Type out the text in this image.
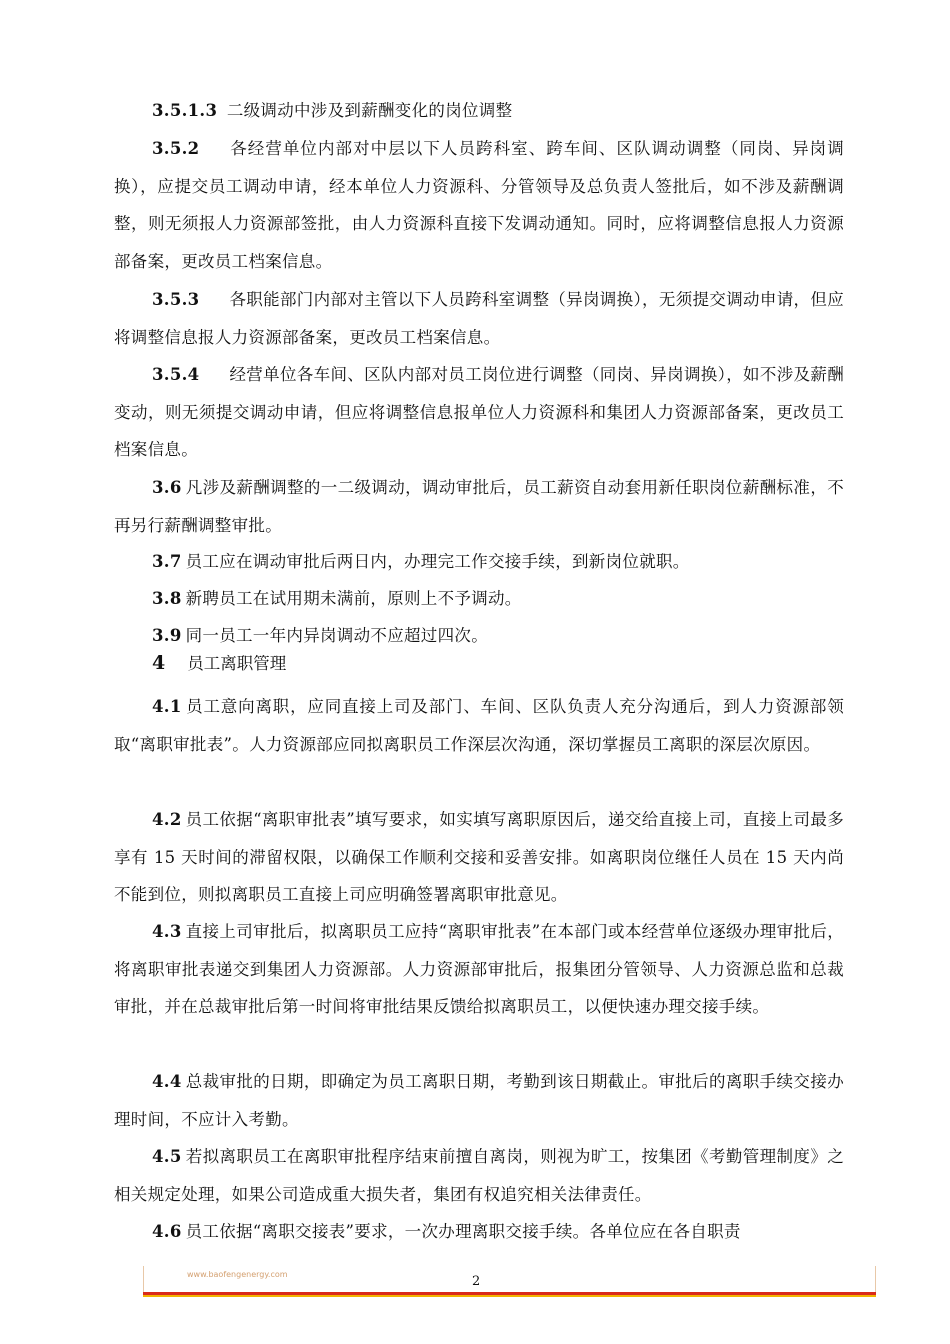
3.5.1.3 二级调动中涉及到薪酬变化的岗位调整

3.5.2 各经营单位内部对中层以下人员跨科室、跨车间、区队调动调整（同岗、异岗调换），应提交员工调动申请，经本单位人力资源科、分管领导及总负责人签批后，如不涉及薪酬调整，则无须报人力资源部签批，由人力资源科直接下发调动通知。同时，应将调整信息报人力资源部备案，更改员工档案信息。

3.5.3 各职能部门内部对主管以下人员跨科室调整（异岗调换），无须提交调动申请，但应将调整信息报人力资源部备案，更改员工档案信息。

3.5.4 经营单位各车间、区队内部对员工岗位进行调整（同岗、异岗调换），如不涉及薪酬变动，则无须提交调动申请，但应将调整信息报单位人力资源科和集团人力资源部备案，更改员工档案信息。

3.6 凡涉及薪酬调整的一二级调动，调动审批后，员工薪资自动套用新任职岗位薪酬标准，不再另行薪酬调整审批。

3.7 员工应在调动审批后两日内，办理完工作交接手续，到新岗位就职。

3.8 新聘员工在试用期未满前，原则上不予调动。

3.9 同一员工一年内异岗调动不应超过四次。

4 员工离职管理

4.1 员工意向离职，应同直接上司及部门、车间、区队负责人充分沟通后，到人力资源部领取“离职审批表”。人力资源部应同拟离职员工作深层次沟通，深切掌握员工离职的深层次原因。

4.2 员工依据“离职审批表”填写要求，如实填写离职原因后，递交给直接上司，直接上司最多享有 15 天时间的滞留权限，以确保工作顺利交接和妥善安排。如离职岗位继任人员在 15 天内尚不能到位，则拟离职员工直接上司应明确签署离职审批意见。

4.3 直接上司审批后，拟离职员工应持“离职审批表”在本部门或本经营单位逐级办理审批后，将离职审批表递交到集团人力资源部。人力资源部审批后，报集团分管领导、人力资源总监和总裁审批，并在总裁审批后第一时间将审批结果反馈给拟离职员工，以便快速办理交接手续。

4.4 总裁审批的日期，即确定为员工离职日期，考勤到该日期截止。审批后的离职手续交接办理时间，不应计入考勤。

4.5 若拟离职员工在离职审批程序结束前擅自离岗，则视为旷工，按集团《考勤管理制度》之相关规定处理，如果公司造成重大损失者，集团有权追究相关法律责任。

4.6 员工依据“离职交接表”要求，一次办理离职交接手续。各单位应在各自职责

www.baofengenergy.com	2
